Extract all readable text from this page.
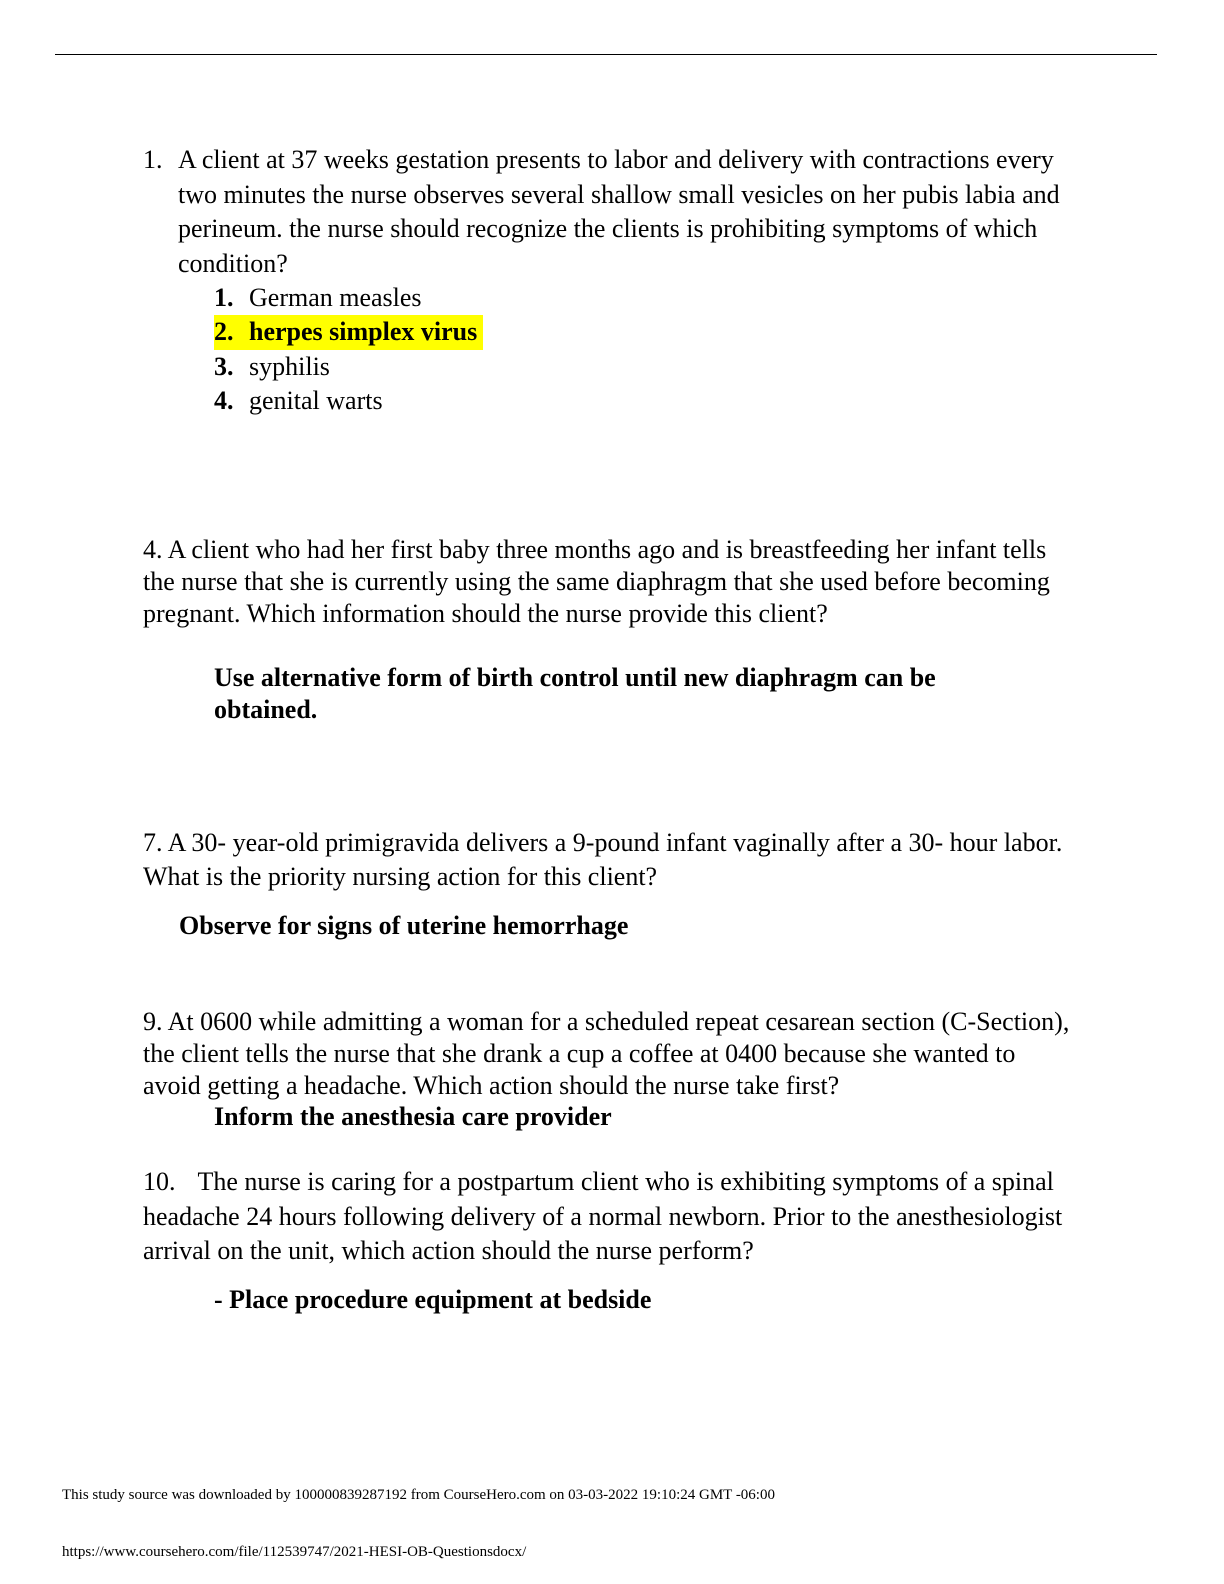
1. A client at 37 weeks gestation presents to labor and delivery with contractions every two minutes the nurse observes several shallow small vesicles on her pubis labia and perineum. the nurse should recognize the clients is prohibiting symptoms of which condition?
1. German measles
2. herpes simplex virus
3. syphilis
4. genital warts
4. A client who had her first baby three months ago and is breastfeeding her infant tells the nurse that she is currently using the same diaphragm that she used before becoming pregnant. Which information should the nurse provide this client?
Use alternative form of birth control until new diaphragm can be obtained.
7. A 30- year-old primigravida delivers a 9-pound infant vaginally after a 30- hour labor. What is the priority nursing action for this client?
Observe for signs of uterine hemorrhage
9. At 0600 while admitting a woman for a scheduled repeat cesarean section (C-Section), the client tells the nurse that she drank a cup a coffee at 0400 because she wanted to avoid getting a headache. Which action should the nurse take first?
Inform the anesthesia care provider
10. The nurse is caring for a postpartum client who is exhibiting symptoms of a spinal headache 24 hours following delivery of a normal newborn. Prior to the anesthesiologist arrival on the unit, which action should the nurse perform?
- Place procedure equipment at bedside
This study source was downloaded by 100000839287192 from CourseHero.com on 03-03-2022 19:10:24 GMT -06:00
https://www.coursehero.com/file/112539747/2021-HESI-OB-Questionsdocx/
